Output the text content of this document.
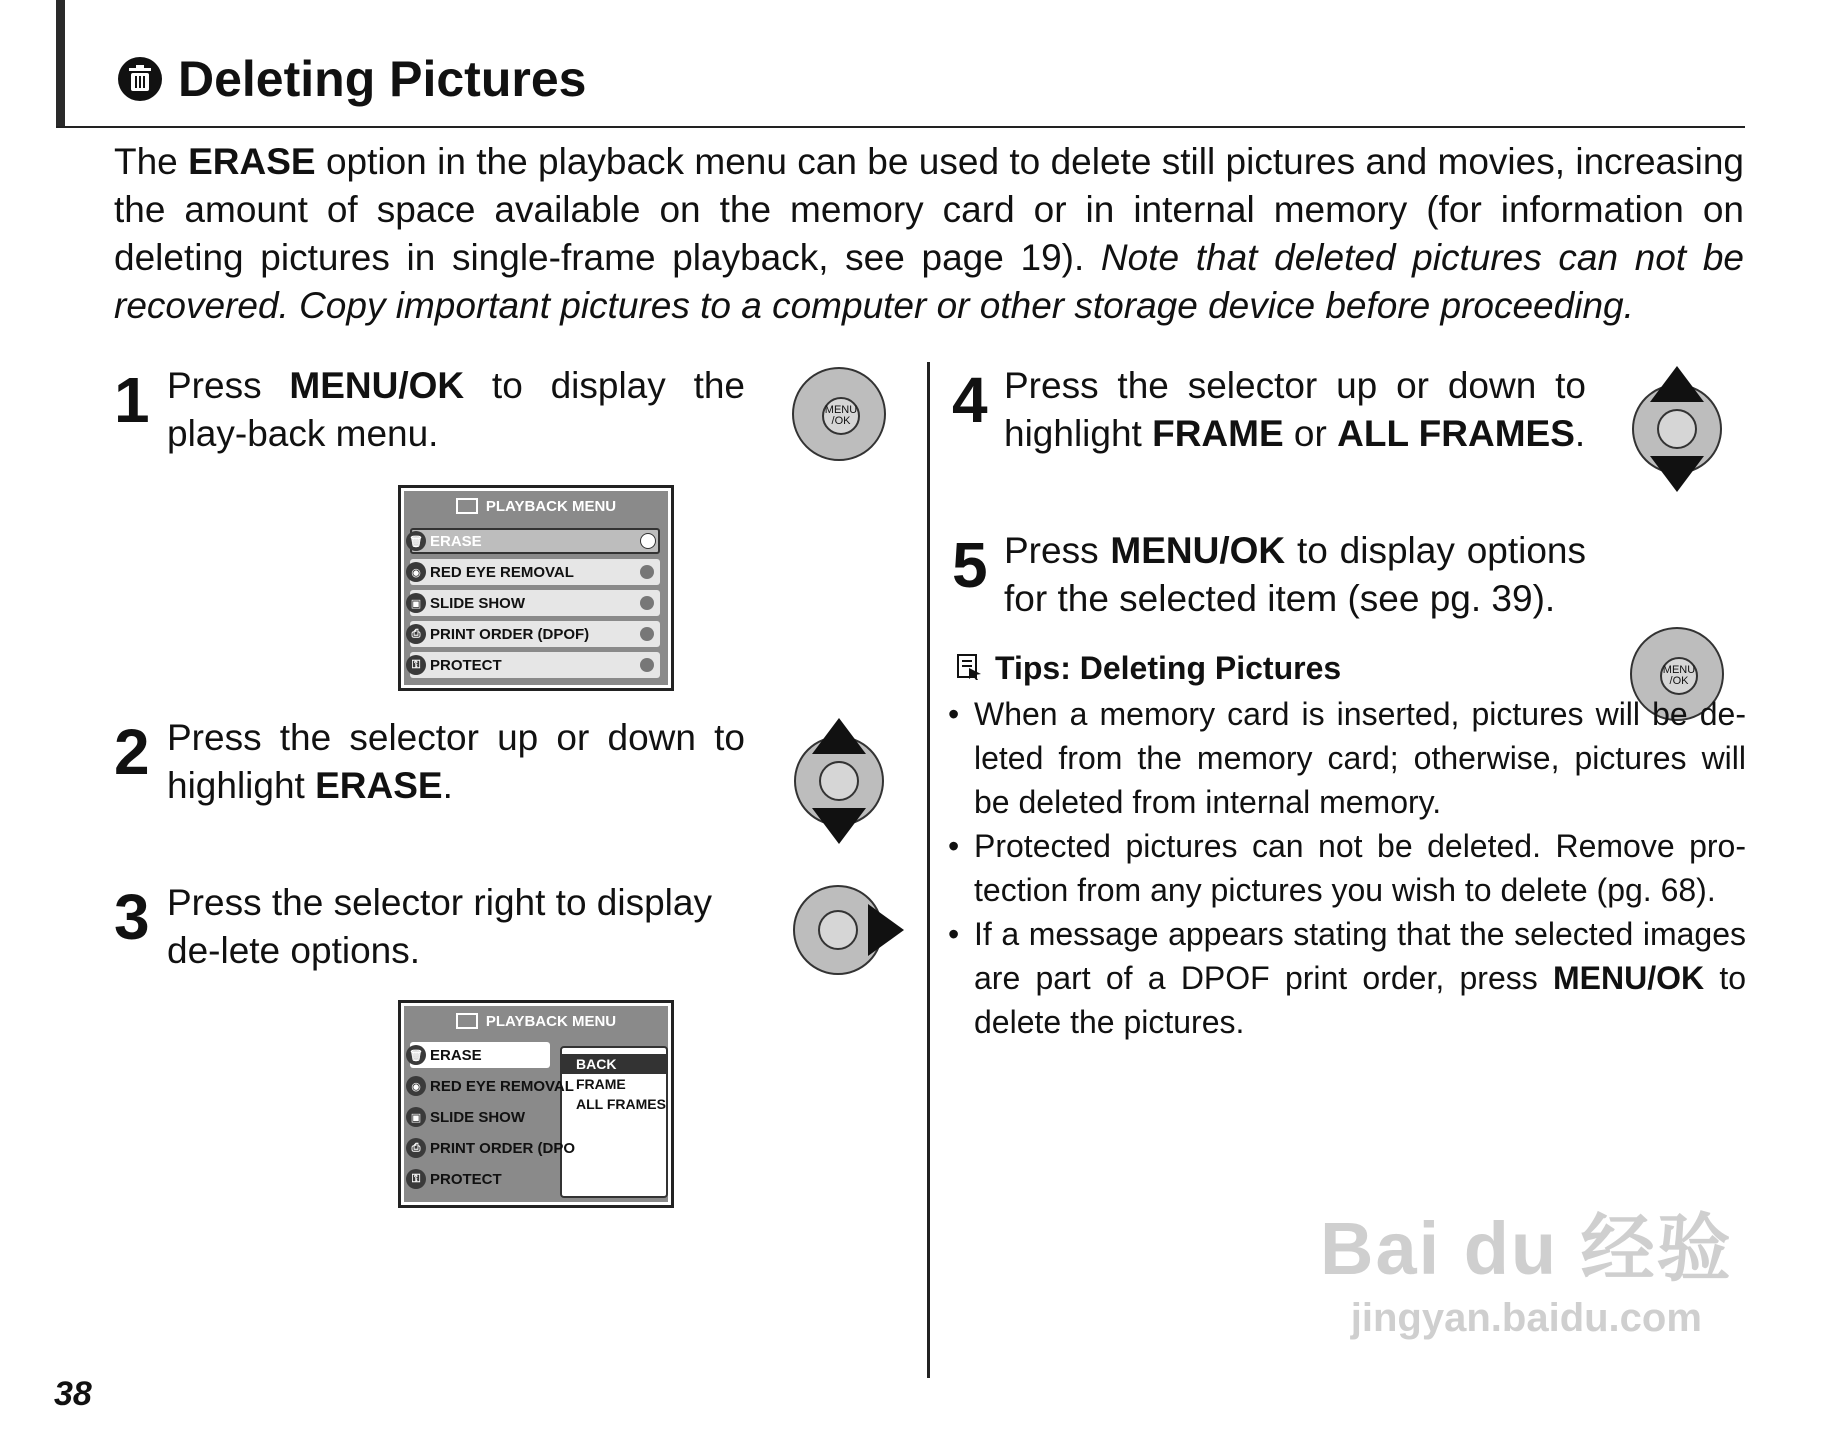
Deleting Pictures
The ERASE option in the playback menu can be used to delete still pictures and movies, increasing the amount of space available on the memory card or in internal memory (for information on deleting pictures in single-frame playback, see page 19). Note that deleted pictures can not be recovered. Copy important pictures to a computer or other storage device before proceeding.
1 Press MENU/OK to display the play-back menu.
MENU
/OK
PLAYBACK MENU
🗑 ERASE
◉ RED EYE REMOVAL
▣ SLIDE SHOW
⎙ PRINT ORDER (DPOF)
⚿ PROTECT
2 Press the selector up or down to highlight ERASE.
3 Press the selector right to display de-lete options.
PLAYBACK MENU
🗑 ERASE
◉ RED EYE REMOVAL
▣ SLIDE SHOW
⎙ PRINT ORDER (DPO
⚿ PROTECT
BACK
FRAME
ALL FRAMES
4 Press the selector up or down to highlight FRAME or ALL FRAMES.
5 Press MENU/OK to display options for the selected item (see pg. 39).
MENU
/OK
Tips: Deleting Pictures
• When a memory card is inserted, pictures will be de-leted from the memory card; otherwise, pictures will be deleted from internal memory.
• Protected pictures can not be deleted. Remove pro-tection from any pictures you wish to delete (pg. 68).
• If a message appears stating that the selected images are part of a DPOF print order, press MENU/OK to delete the pictures.
38
Bai du 经验
jingyan.baidu.com
